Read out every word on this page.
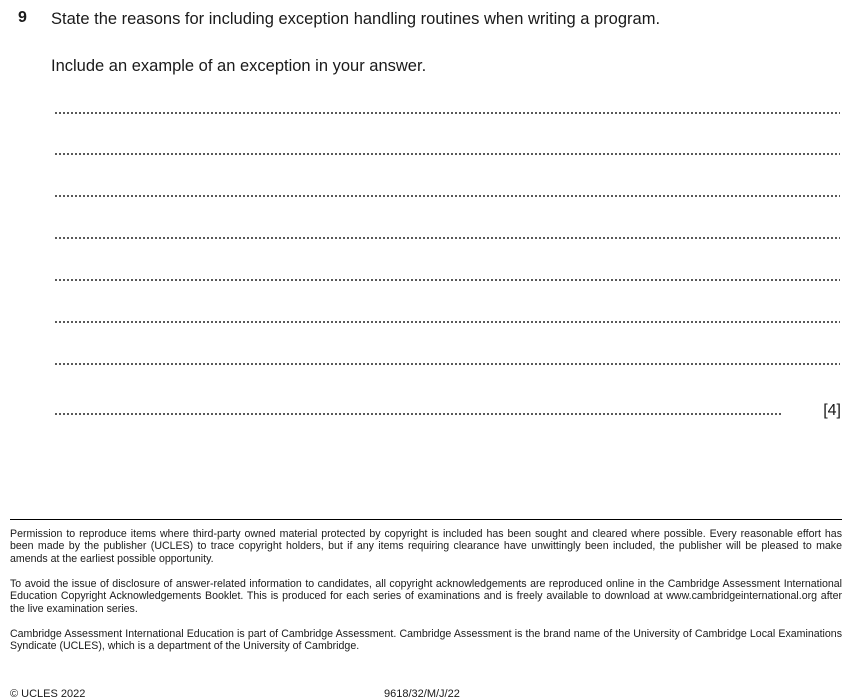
9 State the reasons for including exception handling routines when writing a program.
Include an example of an exception in your answer.
[4]
Permission to reproduce items where third-party owned material protected by copyright is included has been sought and cleared where possible. Every reasonable effort has been made by the publisher (UCLES) to trace copyright holders, but if any items requiring clearance have unwittingly been included, the publisher will be pleased to make amends at the earliest possible opportunity.
To avoid the issue of disclosure of answer-related information to candidates, all copyright acknowledgements are reproduced online in the Cambridge Assessment International Education Copyright Acknowledgements Booklet. This is produced for each series of examinations and is freely available to download at www.cambridgeinternational.org after the live examination series.
Cambridge Assessment International Education is part of Cambridge Assessment. Cambridge Assessment is the brand name of the University of Cambridge Local Examinations Syndicate (UCLES), which is a department of the University of Cambridge.
© UCLES 2022	9618/32/M/J/22
